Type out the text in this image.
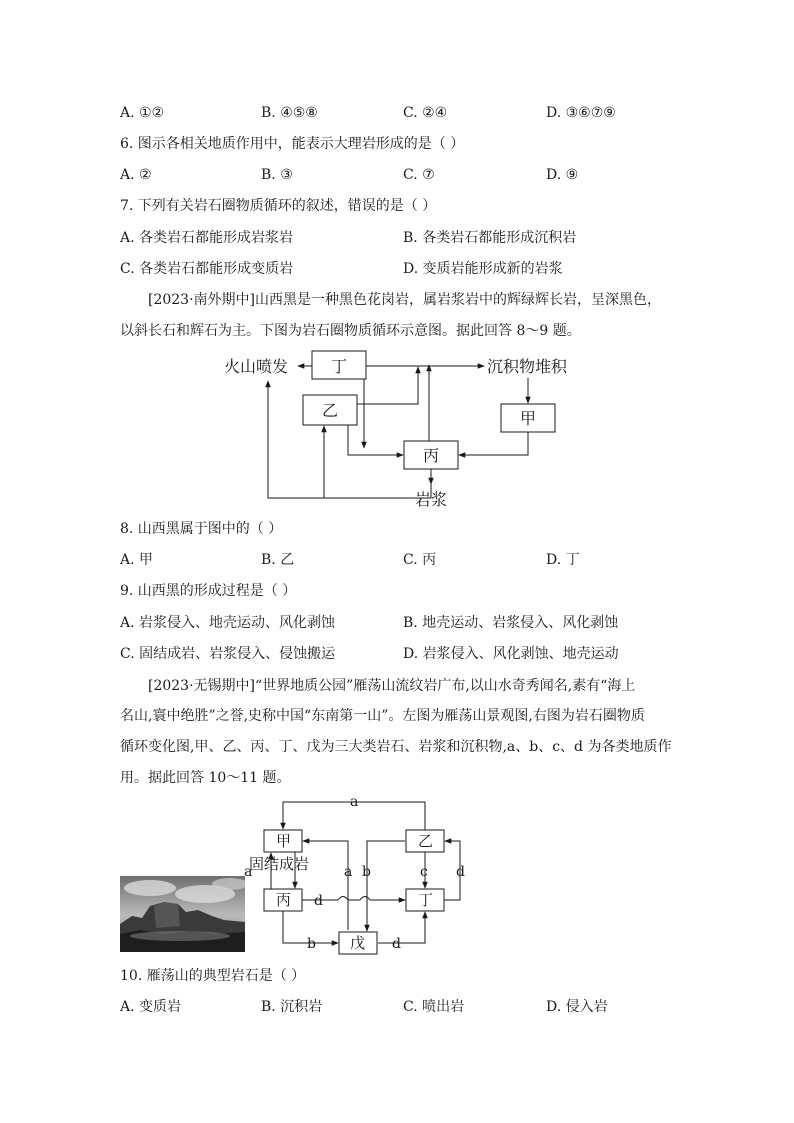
A. ①②	B. ④⑤⑧	C. ②④	D. ③⑥⑦⑨
6. 图示各相关地质作用中，能表示大理岩形成的是（ ）
A. ②	B. ③	C. ⑦	D. ⑨
7. 下列有关岩石圈物质循环的叙述，错误的是（ ）
A. 各类岩石都能形成岩浆岩	B. 各类岩石都能形成沉积岩
C. 各类岩石都能形成变质岩	D. 变质岩能形成新的岩浆
[2023·南外期中]山西黑是一种黑色花岗岩，属岩浆岩中的辉绿辉长岩，呈深黑色，
以斜长石和辉石为主。下图为岩石圈物质循环示意图。据此回答 8～9 题。
火山喷发	丁	沉积物堆积
乙	甲
丙
岩浆
8. 山西黑属于图中的（ ）
A. 甲	B. 乙	C. 丙	D. 丁
9. 山西黑的形成过程是（ ）
A. 岩浆侵入、地壳运动、风化剥蚀	B. 地壳运动、岩浆侵入、风化剥蚀
C. 固结成岩、岩浆侵入、侵蚀搬运	D. 岩浆侵入、风化剥蚀、地壳运动
[2023·无锡期中]“世界地质公园”雁荡山流纹岩广布,以山水奇秀闻名,素有“海上
名山,寰中绝胜”之誉,史称中国“东南第一山”。左图为雁荡山景观图,右图为岩石圈物质
循环变化图,甲、乙、丙、丁、戊为三大类岩石、岩浆和沉积物,a、b、c、d 为各类地质作
用。据此回答 10～11 题。
甲	乙
丙	丁
戊
固结成岩
a
a	a b	c d
d
b	d
10. 雁荡山的典型岩石是（ ）
A. 变质岩	B. 沉积岩	C. 喷出岩	D. 侵入岩
